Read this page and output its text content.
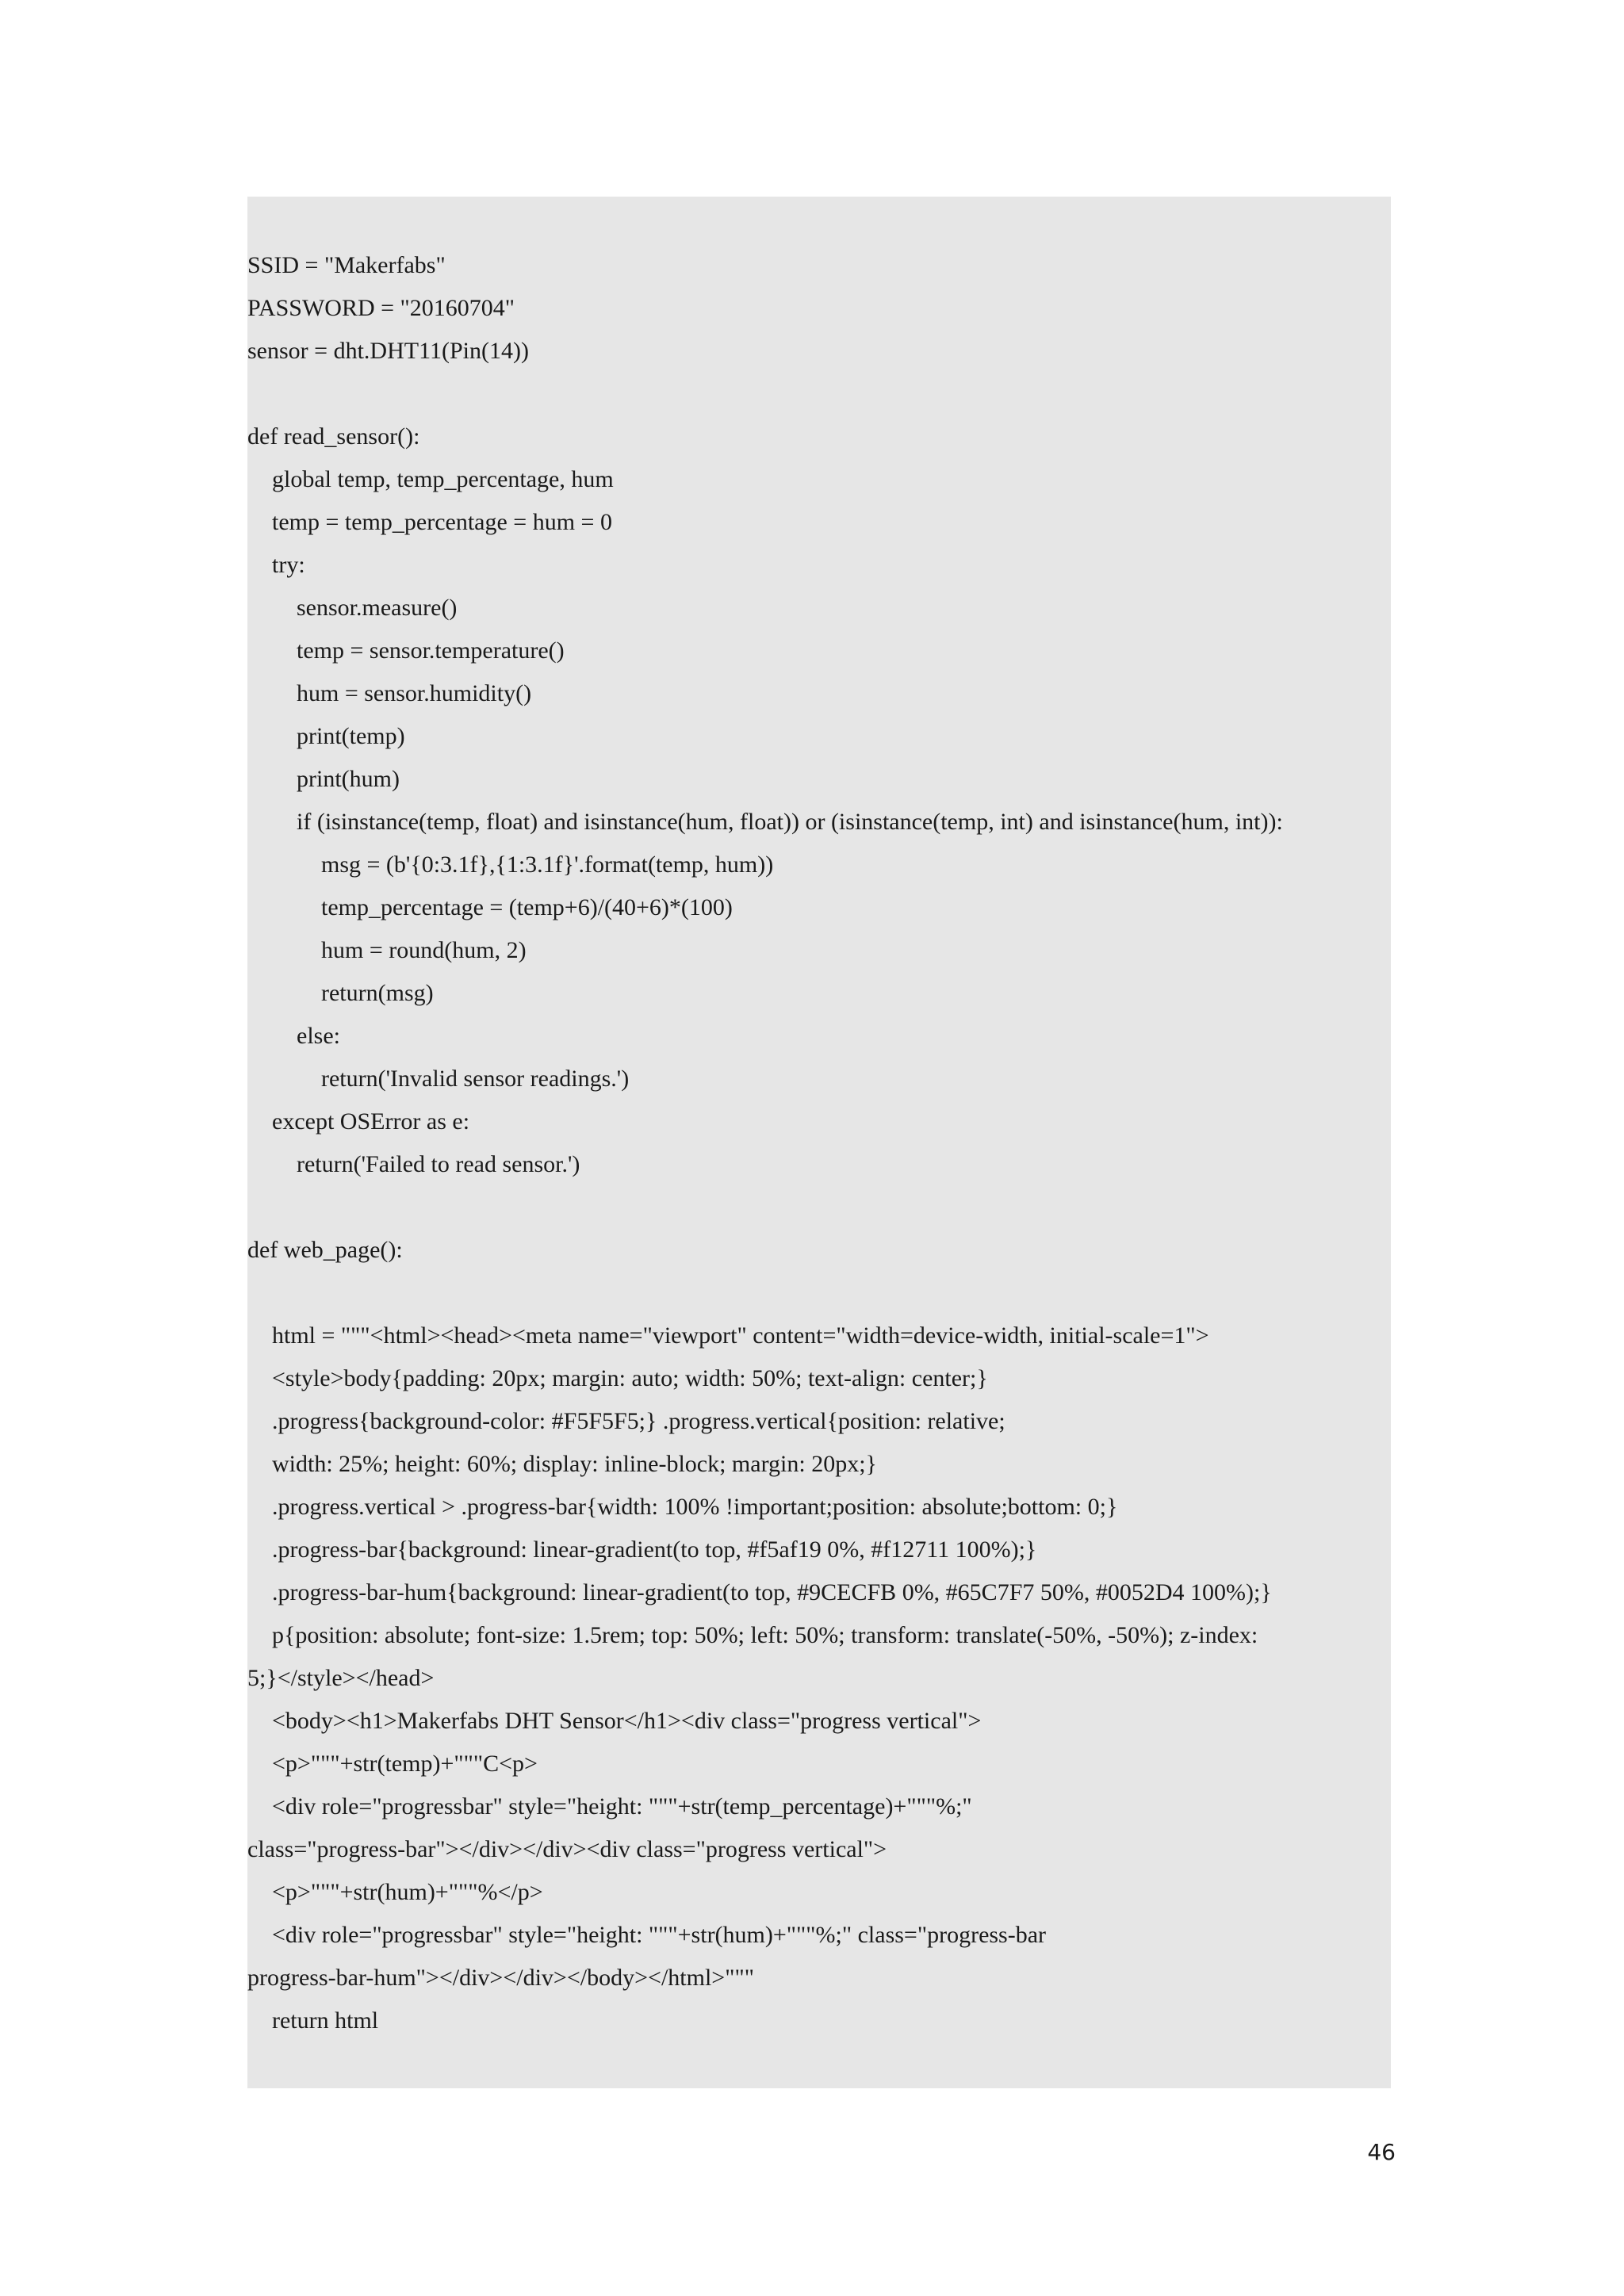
SSID = "Makerfabs"
PASSWORD = "20160704"
sensor = dht.DHT11(Pin(14))
def read_sensor():
global temp, temp_percentage, hum
temp = temp_percentage = hum = 0
try:
sensor.measure()
temp = sensor.temperature()
hum = sensor.humidity()
print(temp)
print(hum)
if (isinstance(temp, float) and isinstance(hum, float)) or (isinstance(temp, int) and isinstance(hum, int)):
msg = (b'{0:3.1f},{1:3.1f}'.format(temp, hum))
temp_percentage = (temp+6)/(40+6)*(100)
hum = round(hum, 2)
return(msg)
else:
return('Invalid sensor readings.')
except OSError as e:
return('Failed to read sensor.')
def web_page():
html = """<html><head><meta name="viewport" content="width=device-width, initial-scale=1">
<style>body{padding: 20px; margin: auto; width: 50%; text-align: center;}
.progress{background-color: #F5F5F5;} .progress.vertical{position: relative;
width: 25%; height: 60%; display: inline-block; margin: 20px;}
.progress.vertical > .progress-bar{width: 100% !important;position: absolute;bottom: 0;}
.progress-bar{background: linear-gradient(to top, #f5af19 0%, #f12711 100%);}
.progress-bar-hum{background: linear-gradient(to top, #9CECFB 0%, #65C7F7 50%, #0052D4 100%);}
p{position: absolute; font-size: 1.5rem; top: 50%; left: 50%; transform: translate(-50%, -50%); z-index:
5;}</style></head>
<body><h1>Makerfabs DHT Sensor</h1><div class="progress vertical">
<p>"""+str(temp)+"""C<p>
<div role="progressbar" style="height: """+str(temp_percentage)+"""%;"
class="progress-bar"></div></div><div class="progress vertical">
<p>"""+str(hum)+"""%</p>
<div role="progressbar" style="height: """+str(hum)+"""%;" class="progress-bar
progress-bar-hum"></div></div></body></html>"""
return html
46
